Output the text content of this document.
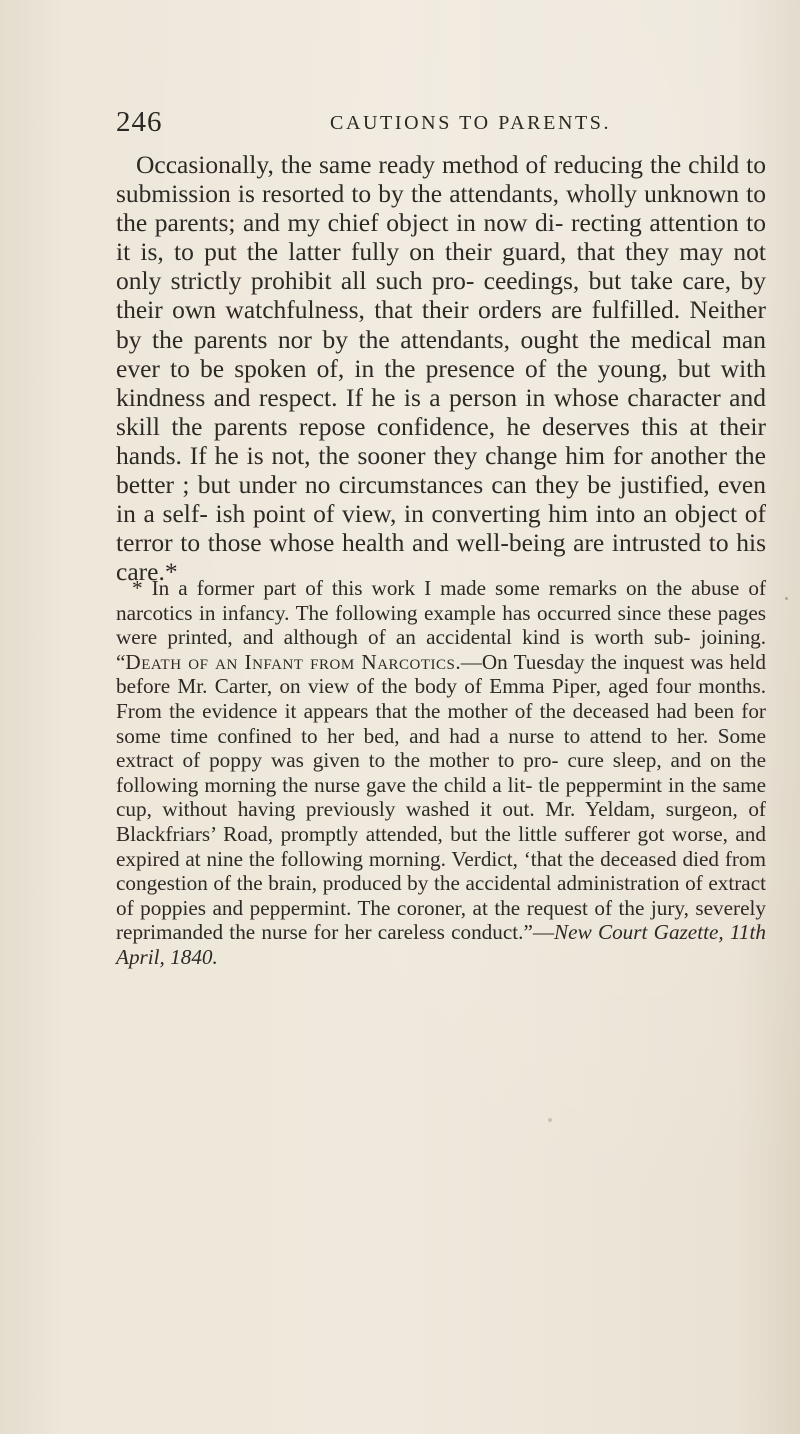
246	CAUTIONS TO PARENTS.

Occasionally, the same ready method of reducing the child to submission is resorted to by the attendants, wholly unknown to the parents; and my chief object in now di- recting attention to it is, to put the latter fully on their guard, that they may not only strictly prohibit all such pro- ceedings, but take care, by their own watchfulness, that their orders are fulfilled. Neither by the parents nor by the attendants, ought the medical man ever to be spoken of, in the presence of the young, but with kindness and respect. If he is a person in whose character and skill the parents repose confidence, he deserves this at their hands. If he is not, the sooner they change him for another the better ; but under no circumstances can they be justified, even in a self- ish point of view, in converting him into an object of terror to those whose health and well-being are intrusted to his care.*

* In a former part of this work I made some remarks on the abuse of narcotics in infancy. The following example has occurred since these pages were printed, and although of an accidental kind is worth sub- joining. “Death of an Infant from Narcotics.—On Tuesday the inquest was held before Mr. Carter, on view of the body of Emma Piper, aged four months. From the evidence it appears that the mother of the deceased had been for some time confined to her bed, and had a nurse to attend to her. Some extract of poppy was given to the mother to pro- cure sleep, and on the following morning the nurse gave the child a lit- tle peppermint in the same cup, without having previously washed it out. Mr. Yeldam, surgeon, of Blackfriars’ Road, promptly attended, but the little sufferer got worse, and expired at nine the following morning. Verdict, ‘that the deceased died from congestion of the brain, produced by the accidental administration of extract of poppies and peppermint. The coroner, at the request of the jury, severely reprimanded the nurse for her careless conduct.”—New Court Gazette, 11th April, 1840.
